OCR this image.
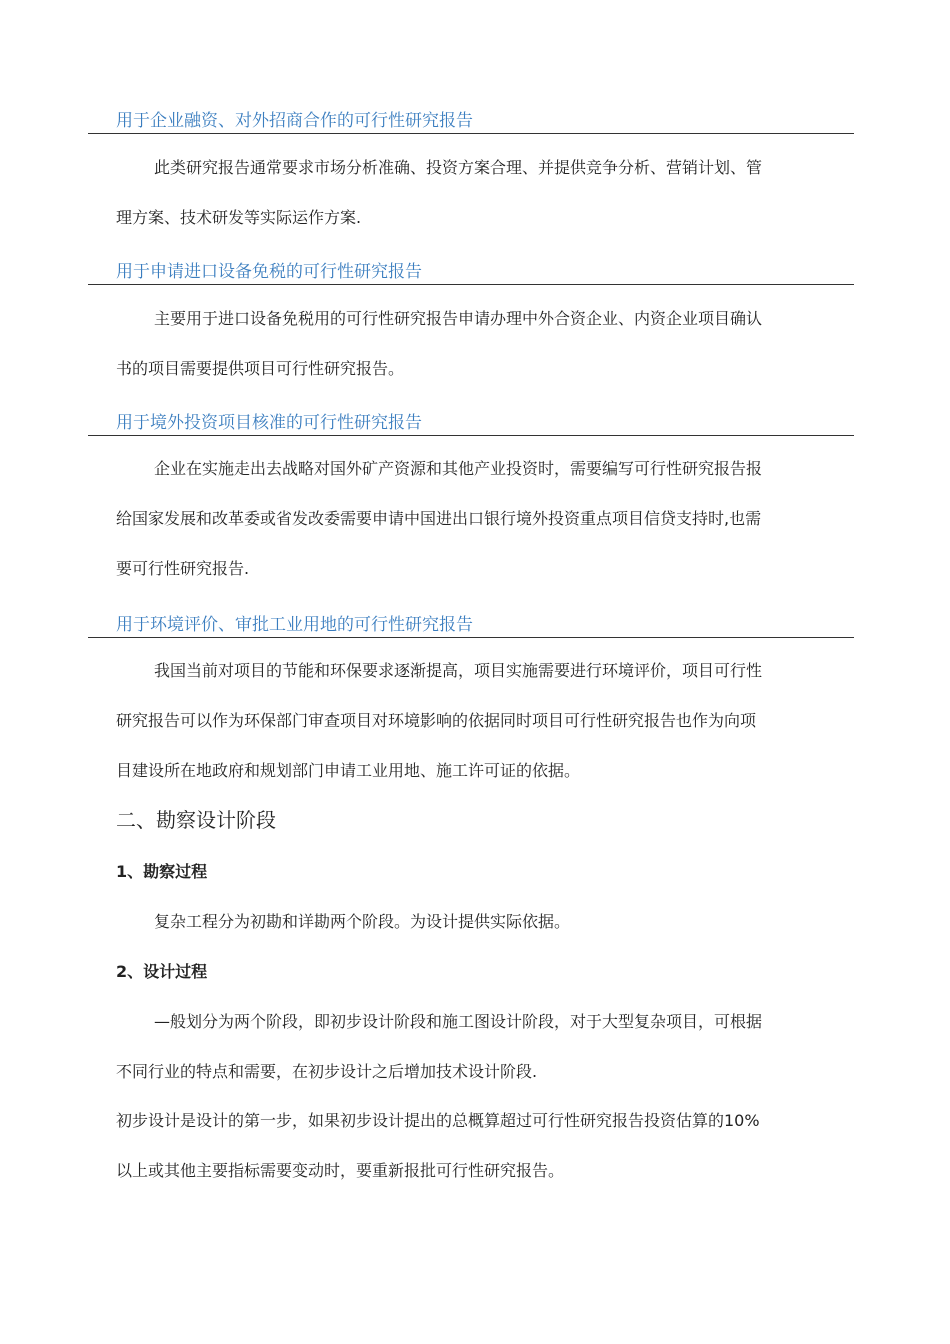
用于企业融资、对外招商合作的可行性研究报告
此类研究报告通常要求市场分析准确、投资方案合理、并提供竞争分析、营销计划、管
理方案、技术研发等实际运作方案.
用于申请进口设备免税的可行性研究报告
主要用于进口设备免税用的可行性研究报告申请办理中外合资企业、内资企业项目确认
书的项目需要提供项目可行性研究报告。
用于境外投资项目核准的可行性研究报告
企业在实施走出去战略对国外矿产资源和其他产业投资时，需要编写可行性研究报告报
给国家发展和改革委或省发改委需要申请中国进出口银行境外投资重点项目信贷支持时,也需
要可行性研究报告.
用于环境评价、审批工业用地的可行性研究报告
我国当前对项目的节能和环保要求逐渐提高，项目实施需要进行环境评价，项目可行性
研究报告可以作为环保部门审查项目对环境影响的依据同时项目可行性研究报告也作为向项
目建设所在地政府和规划部门申请工业用地、施工许可证的依据。
二、勘察设计阶段
1、勘察过程
复杂工程分为初勘和详勘两个阶段。为设计提供实际依据。
2、设计过程
—般划分为两个阶段，即初步设计阶段和施工图设计阶段，对于大型复杂项目，可根据
不同行业的特点和需要，在初步设计之后增加技术设计阶段.
初步设计是设计的第一步，如果初步设计提出的总概算超过可行性研究报告投资估算的10%
以上或其他主要指标需要变动时，要重新报批可行性研究报告。
